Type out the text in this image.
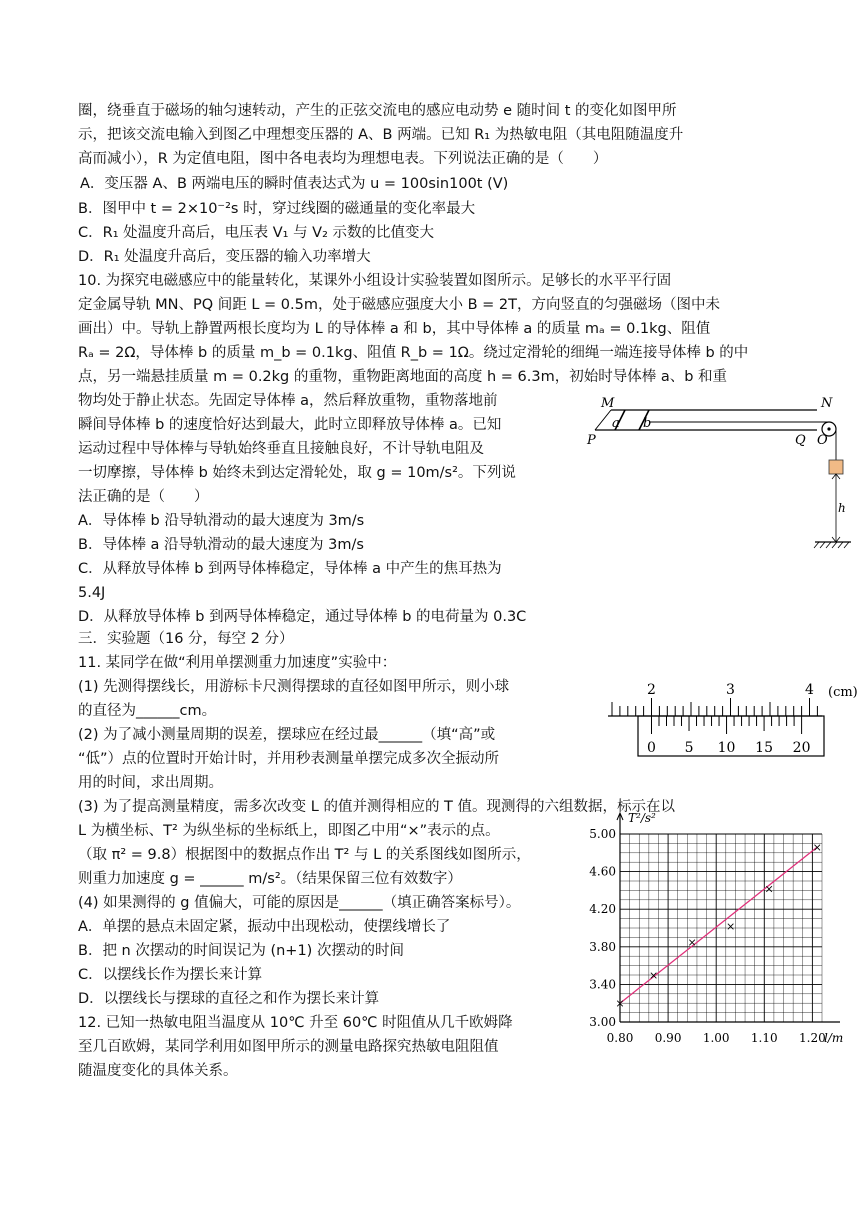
圈，绕垂直于磁场的轴匀速转动，产生的正弦交流电的感应电动势 e 随时间 t 的变化如图甲所
示，把该交流电输入到图乙中理想变压器的 A、B 两端。已知 R₁ 为热敏电阻（其电阻随温度升
高而减小），R 为定值电阻，图中各电表均为理想电表。下列说法正确的是（　　）
A．变压器 A、B 两端电压的瞬时值表达式为 u = 100sin100t (V)
B．图甲中 t = 2×10⁻²s 时，穿过线圈的磁通量的变化率最大
C．R₁ 处温度升高后，电压表 V₁ 与 V₂ 示数的比值变大
D．R₁ 处温度升高后，变压器的输入功率增大
10. 为探究电磁感应中的能量转化，某课外小组设计实验装置如图所示。足够长的水平平行固
定金属导轨 MN、PQ 间距 L = 0.5m，处于磁感应强度大小 B = 2T，方向竖直的匀强磁场（图中未
画出）中。导轨上静置两根长度均为 L 的导体棒 a 和 b，其中导体棒 a 的质量 mₐ = 0.1kg、阻值
Rₐ = 2Ω，导体棒 b 的质量 m_b = 0.1kg、阻值 R_b = 1Ω。绕过定滑轮的细绳一端连接导体棒 b 的中
点，另一端悬挂质量 m = 0.2kg 的重物，重物距离地面的高度 h = 6.3m，初始时导体棒 a、b 和重
物均处于静止状态。先固定导体棒 a，然后释放重物，重物落地前
瞬间导体棒 b 的速度恰好达到最大，此时立即释放导体棒 a。已知
运动过程中导体棒与导轨始终垂直且接触良好，不计导轨电阻及
一切摩擦，导体棒 b 始终未到达定滑轮处，取 g = 10m/s²。下列说
法正确的是（　　）
A．导体棒 b 沿导轨滑动的最大速度为 3m/s
B．导体棒 a 沿导轨滑动的最大速度为 3m/s
C．从释放导体棒 b 到两导体棒稳定，导体棒 a 中产生的焦耳热为
5.4J
D．从释放导体棒 b 到两导体棒稳定，通过导体棒 b 的电荷量为 0.3C
a b
h
M	N
P	Q O
三．实验题（16 分，每空 2 分）
11. 某同学在做“利用单摆测重力加速度”实验中：
(1) 先测得摆线长，用游标卡尺测得摆球的直径如图甲所示，则小球
的直径为______cm。
(2) 为了减小测量周期的误差，摆球应在经过最______（填“高”或
“低”）点的位置时开始计时，并用秒表测量单摆完成多次全振动所
用的时间，求出周期。
(3) 为了提高测量精度，需多次改变 L 的值并测得相应的 T 值。现测得的六组数据，标示在以
L 为横坐标、T² 为纵坐标的坐标纸上，即图乙中用“×”表示的点。
（取 π² = 9.8）根据图中的数据点作出 T² 与 L 的关系图线如图所示，
则重力加速度 g = ______ m/s²。（结果保留三位有效数字）
(4) 如果测得的 g 值偏大，可能的原因是______（填正确答案标号）。
A．单摆的悬点未固定紧，振动中出现松动，使摆线增长了
B．把 n 次摆动的时间误记为 (n+1) 次摆动的时间
C．以摆线长作为摆长来计算
D．以摆线长与摆球的直径之和作为摆长来计算
12. 已知一热敏电阻当温度从 10℃ 升至 60℃ 时阻值从几千欧姆降
至几百欧姆，某同学利用如图甲所示的测量电路探究热敏电阻阻值
随温度变化的具体关系。
2	3	4 (cm)
0 5 10 15 20
T²/s²
l/m
0.80 0.90 1.00 1.10 1.20
3.00
3.40
3.80
4.20
4.60
5.00
×
×
×
×
×
×
